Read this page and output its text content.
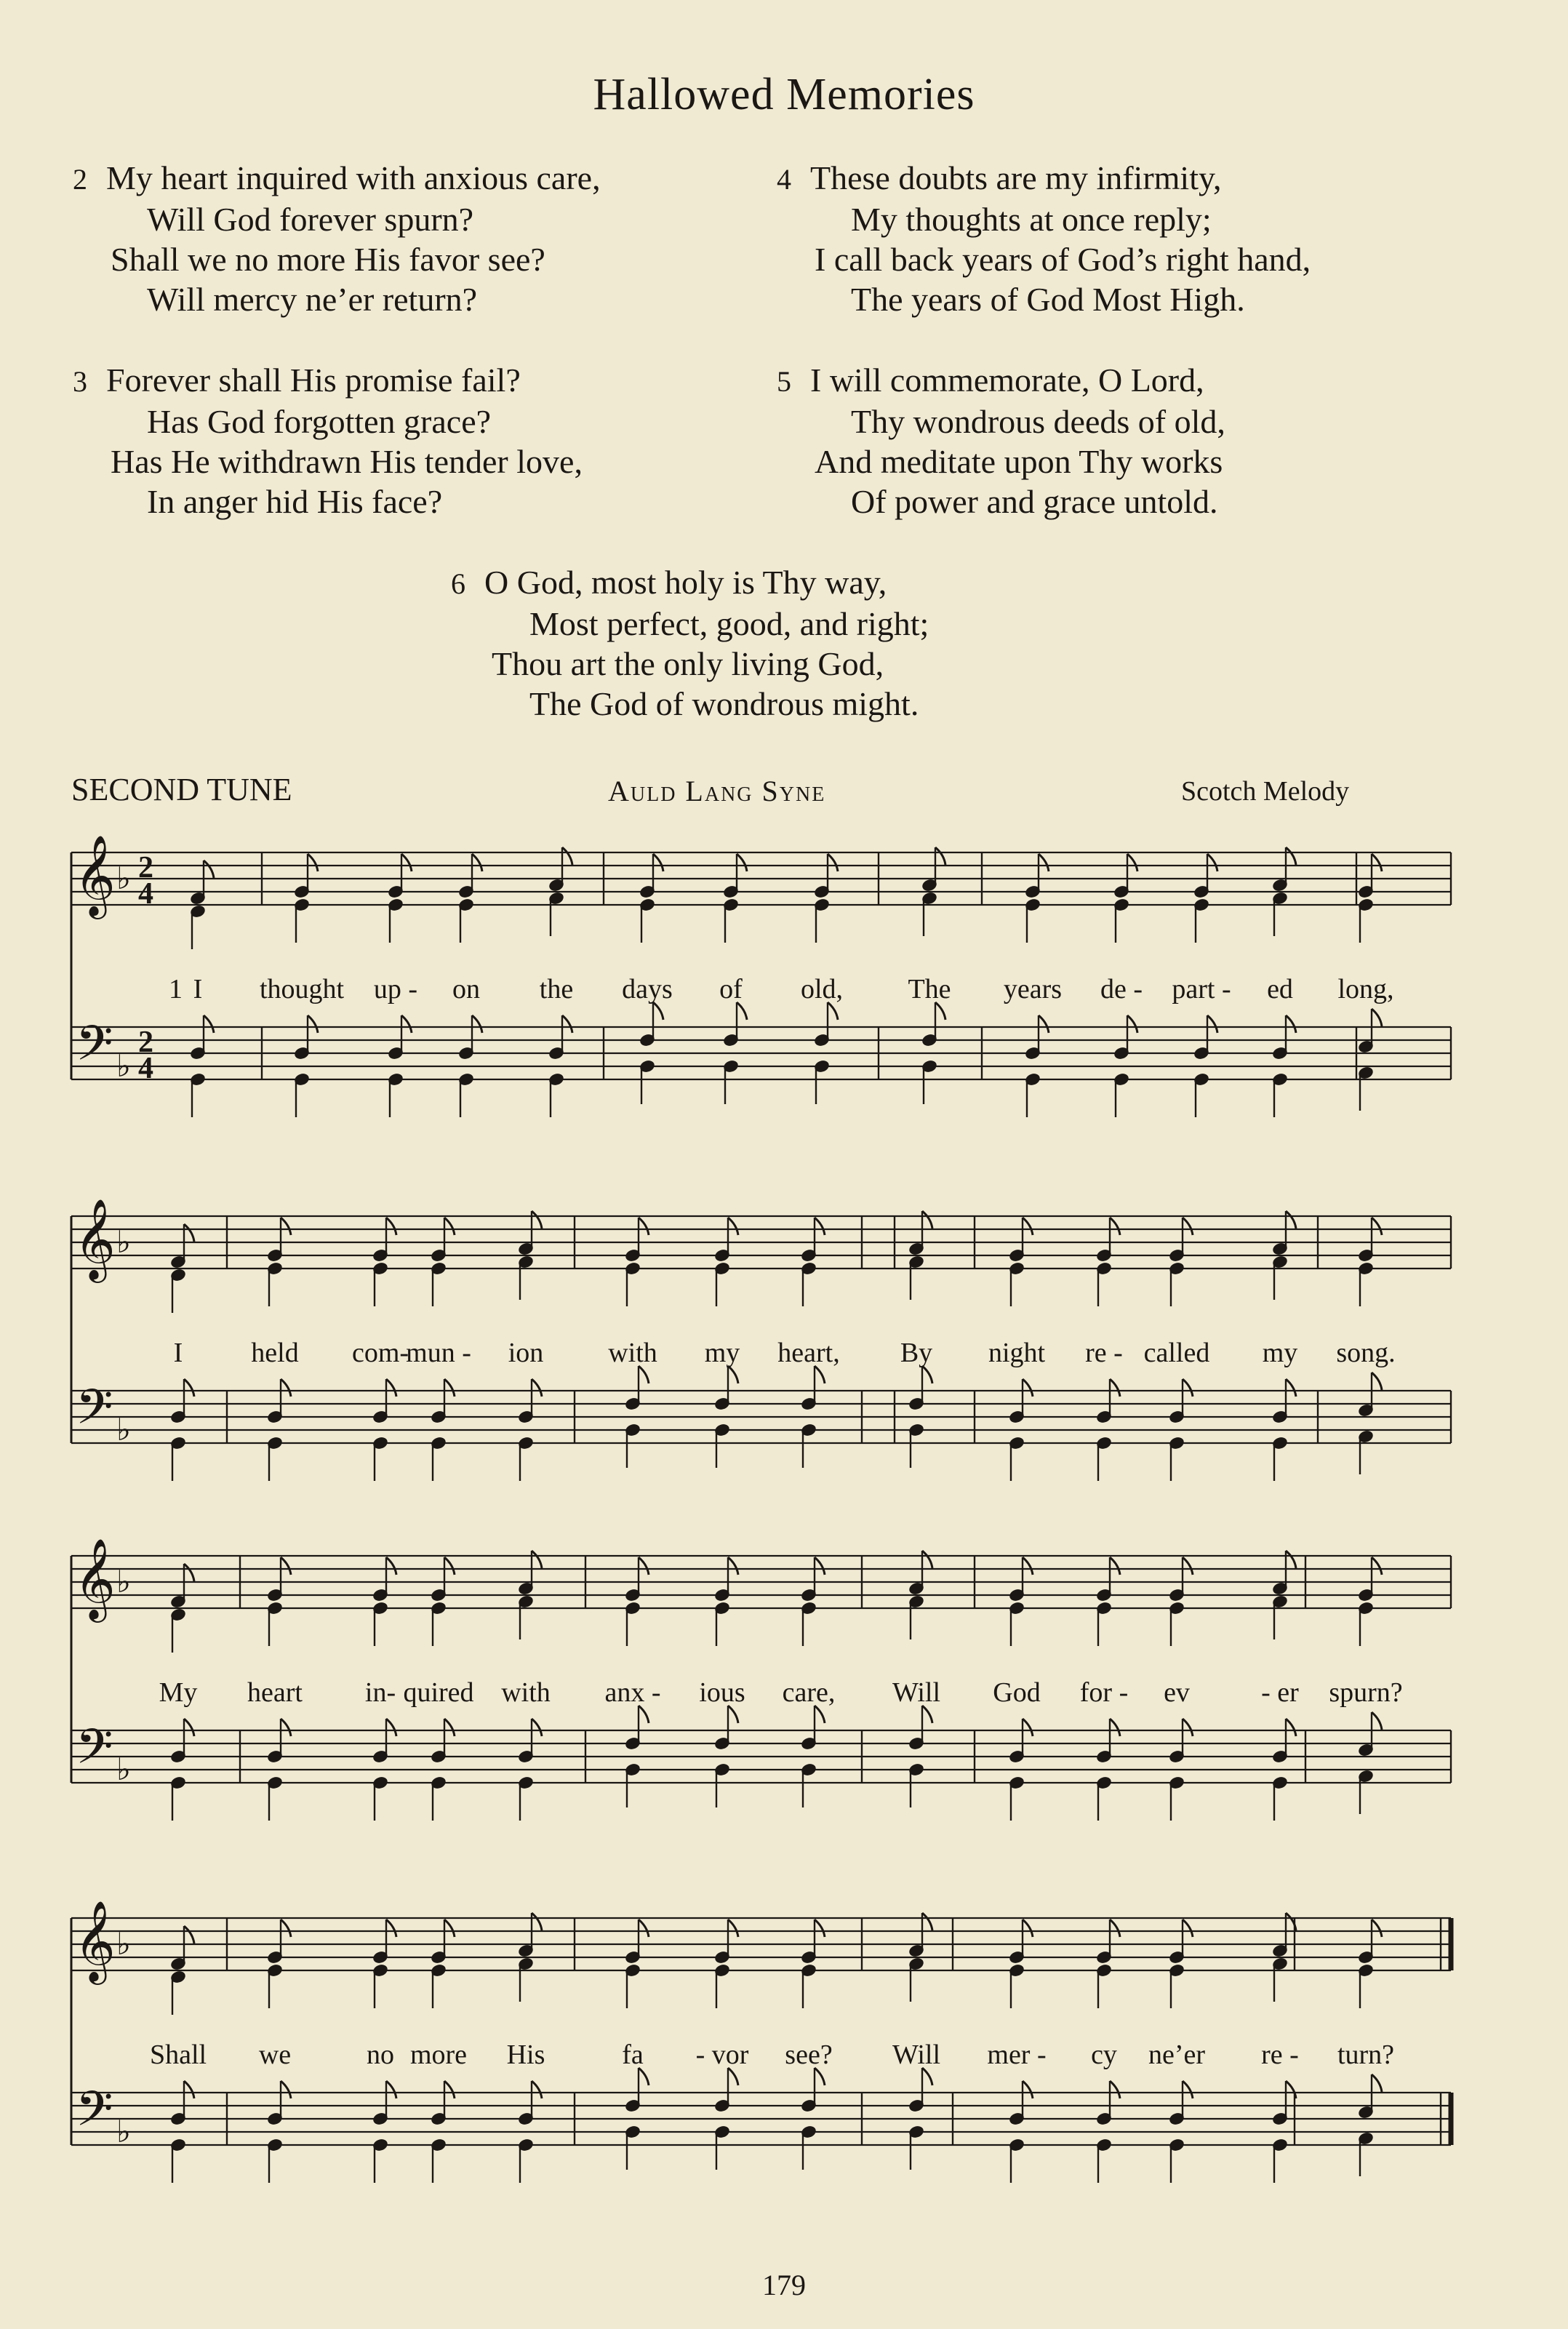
Hallowed Memories
2 My heart inquired with anxious care,
Will God forever spurn?
Shall we no more His favor see?
Will mercy ne’er return?
4 These doubts are my infirmity,
My thoughts at once reply;
I call back years of God’s right hand,
The years of God Most High.
3 Forever shall His promise fail?
Has God forgotten grace?
Has He withdrawn His tender love,
In anger hid His face?
5 I will commemorate, O Lord,
Thy wondrous deeds of old,
And meditate upon Thy works
Of power and grace untold.
6 O God, most holy is Thy way,
Most perfect, good, and right;
Thou art the only living God,
The God of wondrous might.
SECOND TUNE	Auld Lang Syne	Scotch Melody
𝄞
𝄢
♭
♭
2
4
2
4
1 I thought up - on the days of old, The years de - part - ed long,
𝄞
𝄢
♭
♭
I held com-
mun - ion with my heart, By night re - called my song.
𝄞
𝄢
♭
♭
My heart in- quired with anx - ious care, Will God for - ev	- er spurn?
𝄞
𝄢
♭
♭
Shall we	no more His	fa - vor see? Will mer - cy ne’er re - turn?
179
